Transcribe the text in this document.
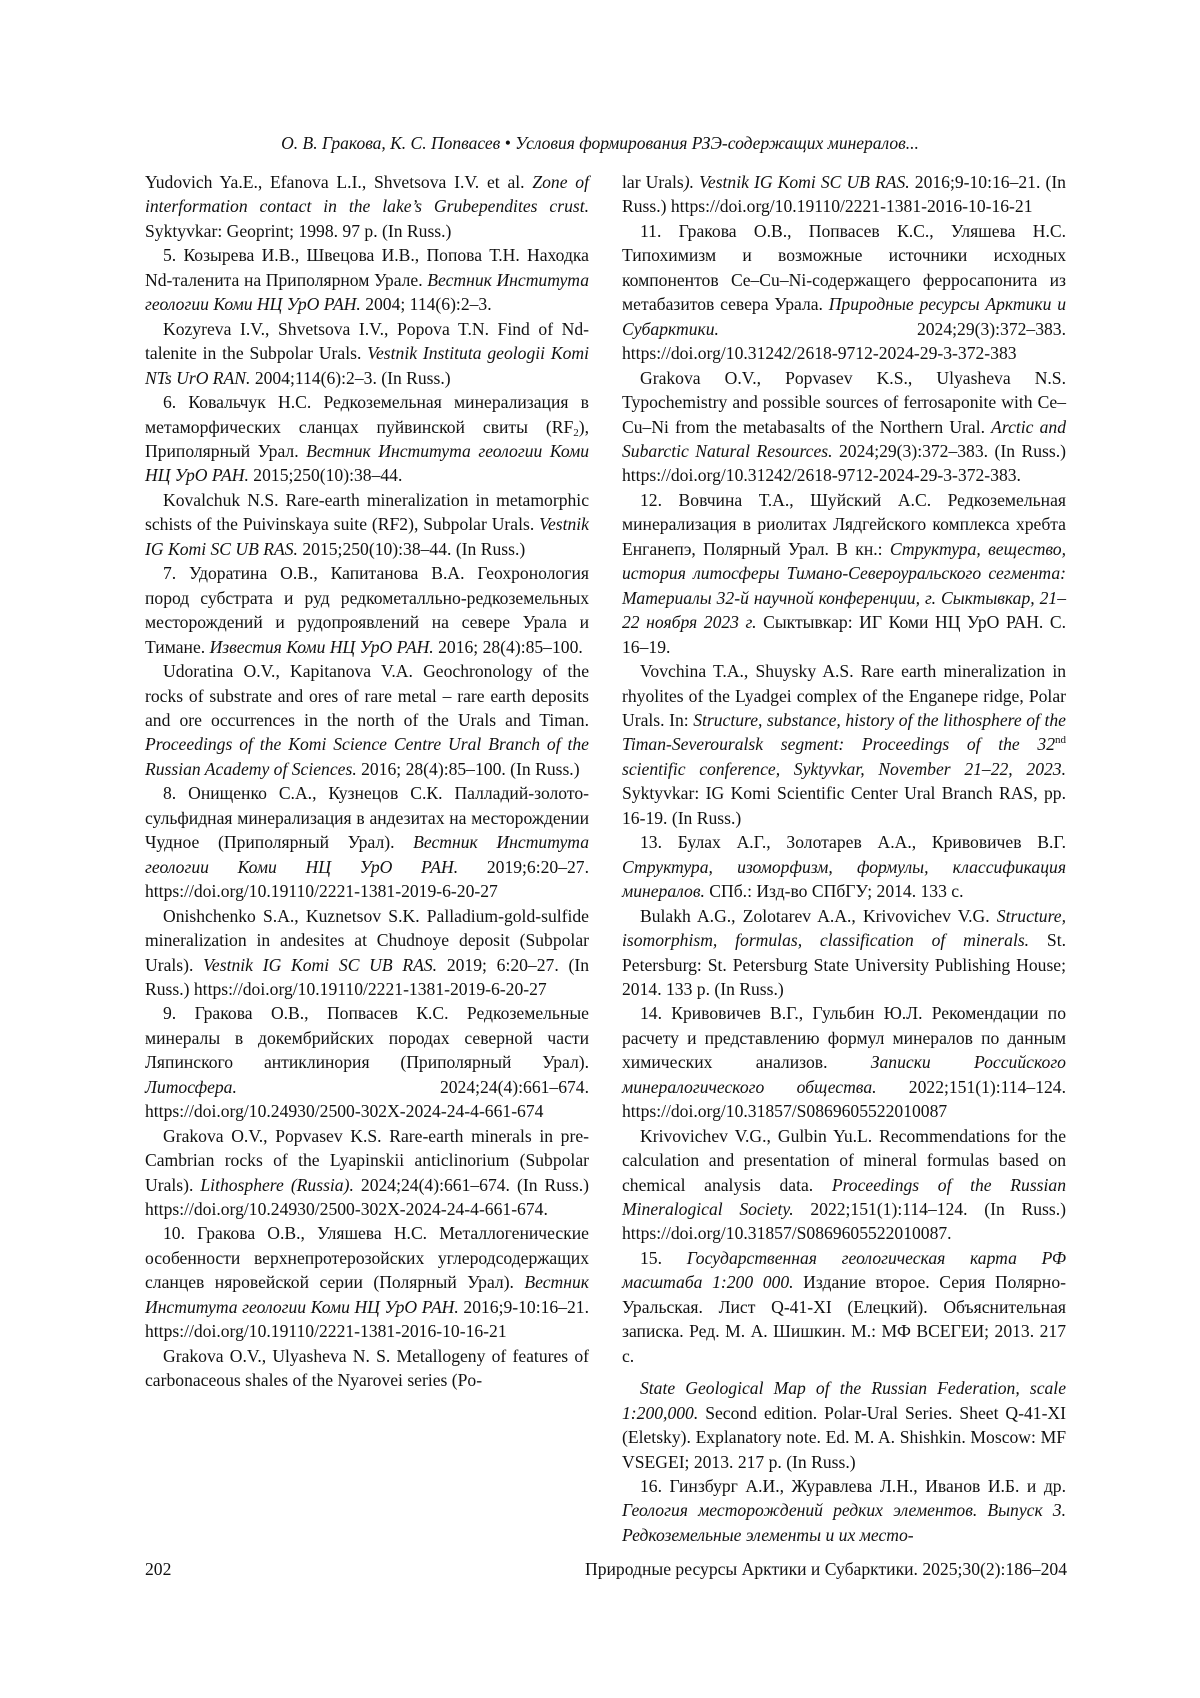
О. В. Гракова, К. С. Попвасев • Условия формирования РЗЭ-содержащих минералов...

Yudovich Ya.E., Efanova L.I., Shvetsova I.V. et al. Zone of interformation contact in the lake’s Grubependites crust. Syktyvkar: Geoprint; 1998. 97 p. (In Russ.)

5. Козырева И.В., Швецова И.В., Попова Т.Н. Находка Nd-таленита на Приполярном Урале. Вестник Института геологии Коми НЦ УрО РАН. 2004; 114(6):2–3.

Kozyreva I.V., Shvetsova I.V., Popova T.N. Find of Nd-talenite in the Subpolar Urals. Vestnik Instituta geologii Komi NTs UrO RAN. 2004;114(6):2–3. (In Russ.)

6. Ковальчук Н.С. Редкоземельная минерализация в метаморфических сланцах пуйвинской свиты $(RF_2)$, Приполярный Урал. Вестник Института геологии Коми НЦ УрО РАН. 2015;250(10):38–44.

Kovalchuk N.S. Rare-earth mineralization in metamorphic schists of the Puivinskaya suite (RF2), Subpolar Urals. Vestnik IG Komi SC UB RAS. 2015;250(10):38–44. (In Russ.)

7. Удоратина О.В., Капитанова В.А. Геохронология пород субстрата и руд редкометалльно-редкоземельных месторождений и рудопроявлений на севере Урала и Тимане. Известия Коми НЦ УрО РАН. 2016; 28(4):85–100.

Udoratina O.V., Kapitanova V.A. Geochronology of the rocks of substrate and ores of rare metal – rare earth deposits and ore occurrences in the north of the Urals and Timan. Proceedings of the Komi Science Centre Ural Branch of the Russian Academy of Sciences. 2016; 28(4):85–100. (In Russ.)

8. Онищенко С.А., Кузнецов С.К. Палладий-золото-сульфидная минерализация в андезитах на месторождении Чудное (Приполярный Урал). Вестник Института геологии Коми НЦ УрО РАН. 2019;6:20–27. https://doi.org/10.19110/2221-1381-2019-6-20-27

Onishchenko S.A., Kuznetsov S.K. Palladium-gold-sulfide mineralization in andesites at Chudnoye deposit (Subpolar Urals). Vestnik IG Komi SC UB RAS. 2019; 6:20–27. (In Russ.) https://doi.org/10.19110/2221-1381-2019-6-20-27

9. Гракова О.В., Попвасев К.С. Редкоземельные минералы в докембрийских породах северной части Ляпинского антиклинория (Приполярный Урал). Литосфера. 2024;24(4):661–674. https://doi.org/10.24930/2500-302X-2024-24-4-661-674

Grakova O.V., Popvasev K.S. Rare-earth minerals in pre-Cambrian rocks of the Lyapinskii anticlinorium (Subpolar Urals). Lithosphere (Russia). 2024;24(4):661–674. (In Russ.) https://doi.org/10.24930/2500-302X-2024-24-4-661-674.

10. Гракова О.В., Уляшева Н.С. Металлогенические особенности верхнепротерозойских углеродсодержащих сланцев няровейской серии (Полярный Урал). Вестник Института геологии Коми НЦ УрО РАН. 2016;9-10:16–21. https://doi.org/10.19110/2221-1381-2016-10-16-21

Grakova O.V., Ulyasheva N. S. Metallogeny of features of carbonaceous shales of the Nyarovei series (Po-

lar Urals). Vestnik IG Komi SC UB RAS. 2016;9-10:16–21. (In Russ.) https://doi.org/10.19110/2221-1381-2016-10-16-21

11. Гракова О.В., Попвасев К.С., Уляшева Н.С. Типохимизм и возможные источники исходных компонентов Ce–Cu–Ni-содержащего ферросапонита из метабазитов севера Урала. Природные ресурсы Арктики и Субарктики. 2024;29(3):372–383. https://doi.org/10.31242/2618-9712-2024-29-3-372-383

Grakova O.V., Popvasev K.S., Ulyasheva N.S. Typochemistry and possible sources of ferrosaponite with Ce–Cu–Ni from the metabasalts of the Northern Ural. Arctic and Subarctic Natural Resources. 2024;29(3):372–383. (In Russ.) https://doi.org/10.31242/2618-9712-2024-29-3-372-383.

12. Вовчина Т.А., Шуйский А.С. Редкоземельная минерализация в риолитах Лядгейского комплекса хребта Енганепэ, Полярный Урал. В кн.: Структура, вещество, история литосферы Тимано-Североуральского сегмента: Материалы 32-й научной конференции, г. Сыктывкар, 21–22 ноября 2023 г. Сыктывкар: ИГ Коми НЦ УрО РАН. С. 16–19.

Vovchina T.A., Shuysky A.S. Rare earth mineralization in rhyolites of the Lyadgei complex of the Enganepe ridge, Polar Urals. In: Structure, substance, history of the lithosphere of the Timan-Severouralsk segment: Proceedings of the 32nd scientific conference, Syktyvkar, November 21–22, 2023. Syktyvkar: IG Komi Scientific Center Ural Branch RAS, pp. 16-19. (In Russ.)

13. Булах А.Г., Золотарев А.А., Кривовичев В.Г. Структура, изоморфизм, формулы, классификация минералов. СПб.: Изд-во СПбГУ; 2014. 133 с.

Bulakh A.G., Zolotarev A.A., Krivovichev V.G. Structure, isomorphism, formulas, classification of minerals. St. Petersburg: St. Petersburg State University Publishing House; 2014. 133 p. (In Russ.)

14. Кривовичев В.Г., Гульбин Ю.Л. Рекомендации по расчету и представлению формул минералов по данным химических анализов. Записки Российского минералогического общества. 2022;151(1):114–124. https://doi.org/10.31857/S0869605522010087

Krivovichev V.G., Gulbin Yu.L. Recommendations for the calculation and presentation of mineral formulas based on chemical analysis data. Proceedings of the Russian Mineralogical Society. 2022;151(1):114–124. (In Russ.) https://doi.org/10.31857/S0869605522010087.

15. Государственная геологическая карта РФ масштаба 1:200 000. Издание второе. Серия Полярно-Уральская. Лист Q-41-XI (Елецкий). Объяснительная записка. Ред. М. А. Шишкин. М.: МФ ВСЕГЕИ; 2013. 217 с.

State Geological Map of the Russian Federation, scale 1:200,000. Second edition. Polar-Ural Series. Sheet Q-41-XI (Eletsky). Explanatory note. Ed. M. A. Shishkin. Moscow: MF VSEGEI; 2013. 217 p. (In Russ.)

16. Гинзбург А.И., Журавлева Л.Н., Иванов И.Б. и др. Геология месторождений редких элементов. Выпуск 3. Редкоземельные элементы и их место-

202	Природные ресурсы Арктики и Субарктики. 2025;30(2):186–204
